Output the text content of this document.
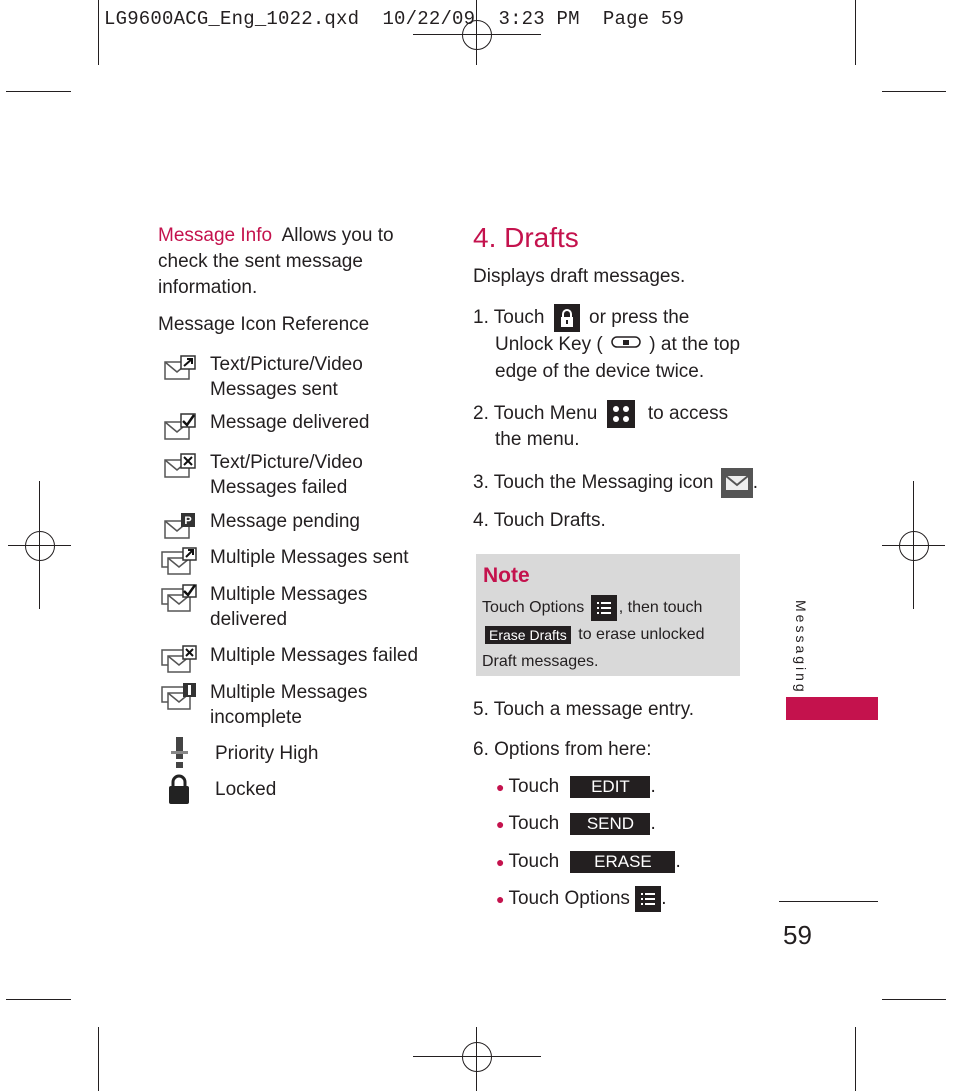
LG9600ACG_Eng_1022.qxd  10/22/09  3:23 PM  Page 59
Message Info Allows you to check the sent message information.
Message Icon Reference
Text/Picture/Video Messages sent
Message delivered
Text/Picture/Video Messages failed
P Message pending
Multiple Messages sent
Multiple Messages delivered
Multiple Messages failed
Multiple Messages incomplete
Priority High
Locked
4. Drafts
Displays draft messages.
1. Touch or press the
Unlock Key ( ) at the top
edge of the device twice.
2. Touch Menu	to access
the menu.
3. Touch the Messaging icon .
4. Touch Drafts.
Note
Touch Options , then touch
Erase Drafts to erase unlocked
Draft messages.
5. Touch a message entry.
6. Options from here:
● Touch EDIT .
● Touch SEND .
● Touch ERASE .
● Touch Options .
Messaging
59
